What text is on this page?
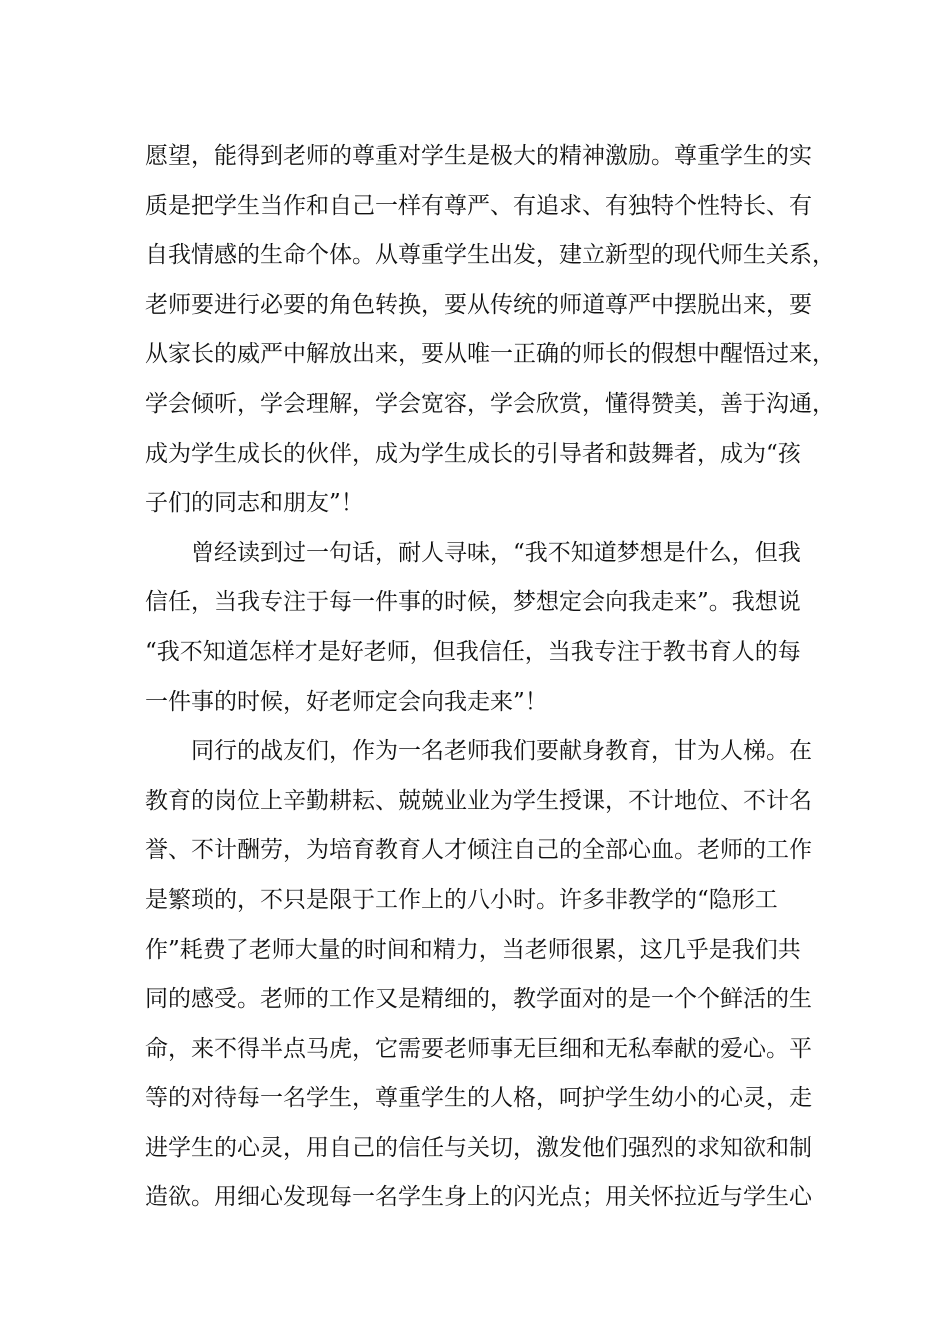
愿望，能得到老师的尊重对学生是极大的精神激励。尊重学生的实
质是把学生当作和自己一样有尊严、有追求、有独特个性特长、有
自我情感的生命个体。从尊重学生出发，建立新型的现代师生关系，
老师要进行必要的角色转换，要从传统的师道尊严中摆脱出来，要
从家长的威严中解放出来，要从唯一正确的师长的假想中醒悟过来，
学会倾听，学会理解，学会宽容，学会欣赏，懂得赞美，善于沟通，
成为学生成长的伙伴，成为学生成长的引导者和鼓舞者，成为“孩
子们的同志和朋友”！
曾经读到过一句话，耐人寻味，“我不知道梦想是什么，但我
信任，当我专注于每一件事的时候，梦想定会向我走来”。我想说
“我不知道怎样才是好老师，但我信任，当我专注于教书育人的每
一件事的时候，好老师定会向我走来”！
同行的战友们，作为一名老师我们要献身教育，甘为人梯。在
教育的岗位上辛勤耕耘、兢兢业业为学生授课，不计地位、不计名
誉、不计酬劳，为培育教育人才倾注自己的全部心血。老师的工作
是繁琐的，不只是限于工作上的八小时。许多非教学的“隐形工
作”耗费了老师大量的时间和精力，当老师很累，这几乎是我们共
同的感受。老师的工作又是精细的，教学面对的是一个个鲜活的生
命，来不得半点马虎，它需要老师事无巨细和无私奉献的爱心。平
等的对待每一名学生，尊重学生的人格，呵护学生幼小的心灵，走
进学生的心灵，用自己的信任与关切，激发他们强烈的求知欲和制
造欲。用细心发现每一名学生身上的闪光点；用关怀拉近与学生心
